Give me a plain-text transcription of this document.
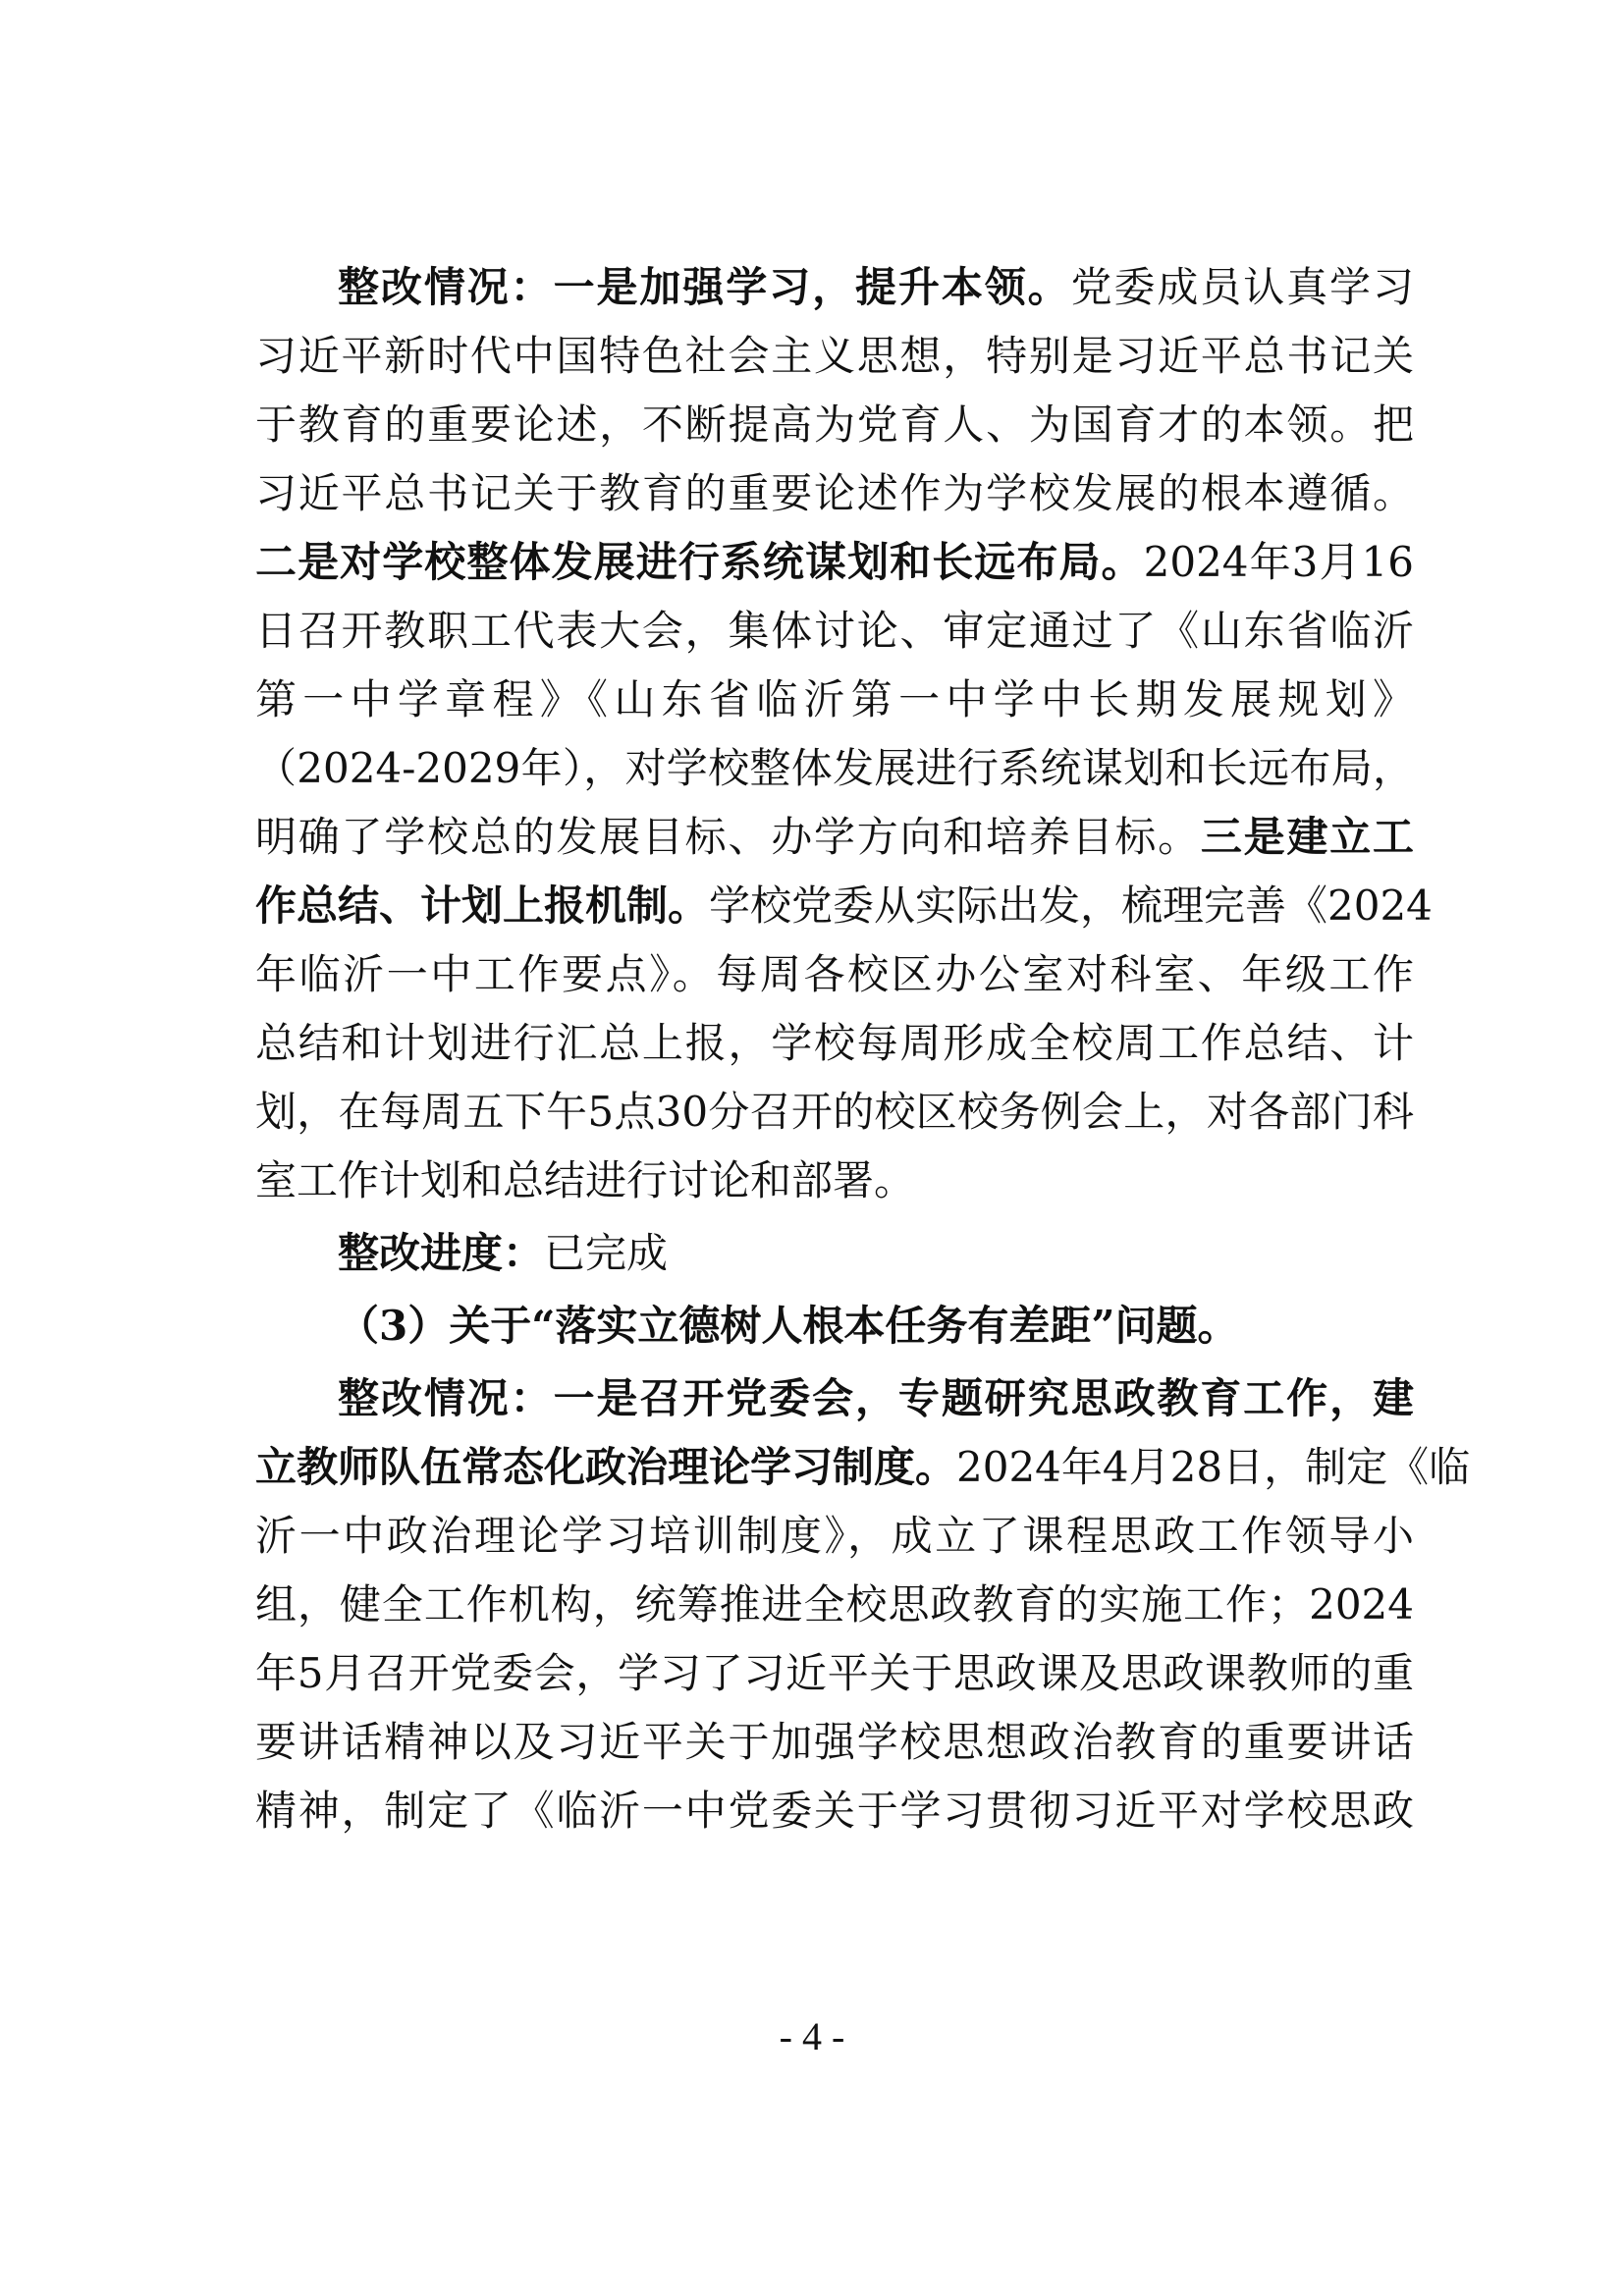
整改情况：一是加强学习，提升本领。党委成员认真学习
习近平新时代中国特色社会主义思想，特别是习近平总书记关
于教育的重要论述，不断提高为党育人、为国育才的本领。把
习近平总书记关于教育的重要论述作为学校发展的根本遵循。
二是对学校整体发展进行系统谋划和长远布局。2024年3月16
日召开教职工代表大会，集体讨论、审定通过了《山东省临沂
第一中学章程》《山东省临沂第一中学中长期发展规划》
（2024-2029年），对学校整体发展进行系统谋划和长远布局，
明确了学校总的发展目标、办学方向和培养目标。三是建立工
作总结、计划上报机制。学校党委从实际出发，梳理完善《2024
年临沂一中工作要点》。每周各校区办公室对科室、年级工作
总结和计划进行汇总上报，学校每周形成全校周工作总结、计
划，在每周五下午5点30分召开的校区校务例会上，对各部门科
室工作计划和总结进行讨论和部署。
整改进度：已完成
（3）关于“落实立德树人根本任务有差距”问题。
整改情况：一是召开党委会，专题研究思政教育工作，建
立教师队伍常态化政治理论学习制度。2024年4月28日，制定《临
沂一中政治理论学习培训制度》，成立了课程思政工作领导小
组，健全工作机构，统筹推进全校思政教育的实施工作；2024
年5月召开党委会，学习了习近平关于思政课及思政课教师的重
要讲话精神以及习近平关于加强学校思想政治教育的重要讲话
精神，制定了《临沂一中党委关于学习贯彻习近平对学校思政
- 4 -
